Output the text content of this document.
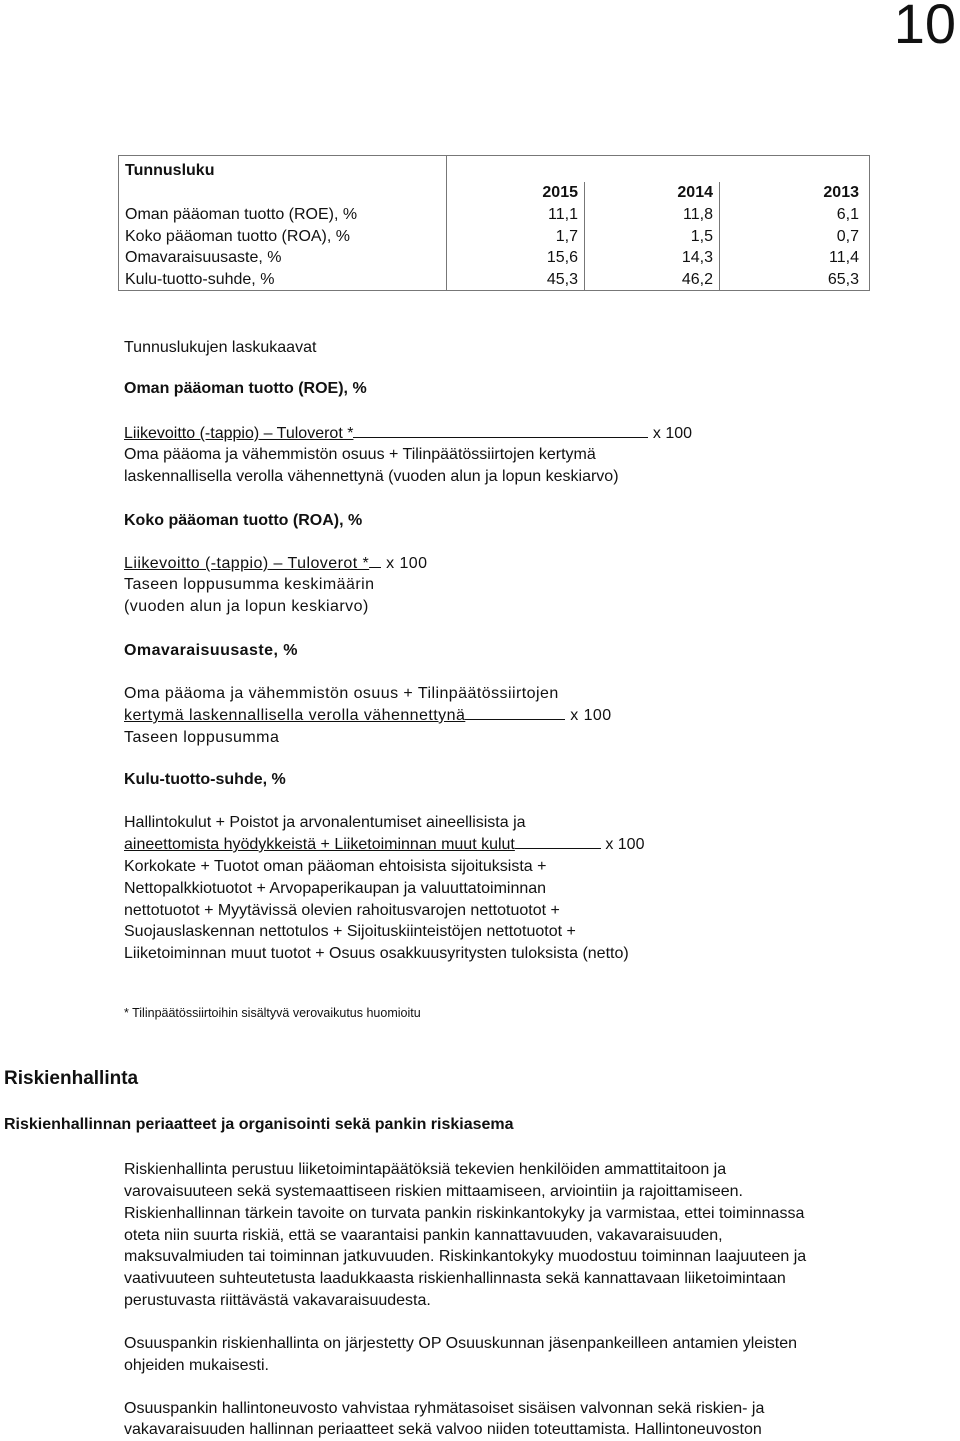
10
Tunnusluku			
	2015	2014	2013
Oman pääoman tuotto (ROE), %	11,1	11,8	6,1
Koko pääoman tuotto (ROA), %	1,7	1,5	0,7
Omavaraisuusaste, %	15,6	14,3	11,4
Kulu-tuotto-suhde, %	45,3	46,2	65,3
Tunnuslukujen laskukaavat
Oman pääoman tuotto (ROE), %
Liikevoitto (-tappio) – Tuloverot *	x 100
Oma pääoma ja vähemmistön osuus + Tilinpäätössiirtojen kertymä
laskennallisella verolla vähennettynä (vuoden alun ja lopun keskiarvo)
Koko pääoman tuotto (ROA), %
Liikevoitto (-tappio) – Tuloverot * x 100
Taseen loppusumma keskimäärin
(vuoden alun ja lopun keskiarvo)
Omavaraisuusaste, %
Oma pääoma ja vähemmistön osuus + Tilinpäätössiirtojen
kertymä laskennallisella verolla vähennettynä	x 100
Taseen loppusumma
Kulu-tuotto-suhde, %
Hallintokulut + Poistot ja arvonalentumiset aineellisista ja
aineettomista hyödykkeistä + Liiketoiminnan muut kulut	x 100
Korkokate + Tuotot oman pääoman ehtoisista sijoituksista +
Nettopalkkiotuotot + Arvopaperikaupan ja valuuttatoiminnan
nettotuotot + Myytävissä olevien rahoitusvarojen nettotuotot +
Suojauslaskennan nettotulos + Sijoituskiinteistöjen nettotuotot +
Liiketoiminnan muut tuotot + Osuus osakkuusyritysten tuloksista (netto)
* Tilinpäätössiirtoihin sisältyvä verovaikutus huomioitu
Riskienhallinta
Riskienhallinnan periaatteet ja organisointi sekä pankin riskiasema
Riskienhallinta perustuu liiketoimintapäätöksiä tekevien henkilöiden ammattitaitoon ja
varovaisuuteen sekä systemaattiseen riskien mittaamiseen, arviointiin ja rajoittamiseen.
Riskienhallinnan tärkein tavoite on turvata pankin riskinkantokyky ja varmistaa, ettei toiminnassa
oteta niin suurta riskiä, että se vaarantaisi pankin kannattavuuden, vakavaraisuuden,
maksuvalmiuden tai toiminnan jatkuvuuden. Riskinkantokyky muodostuu toiminnan laajuuteen ja
vaativuuteen suhteutetusta laadukkaasta riskienhallinnasta sekä kannattavaan liiketoimintaan
perustuvasta riittävästä vakavaraisuudesta.
Osuuspankin riskienhallinta on järjestetty OP Osuuskunnan jäsenpankeilleen antamien yleisten
ohjeiden mukaisesti.
Osuuspankin hallintoneuvosto vahvistaa ryhmätasoiset sisäisen valvonnan sekä riskien- ja
vakavaraisuuden hallinnan periaatteet sekä valvoo niiden toteuttamista. Hallintoneuvoston
